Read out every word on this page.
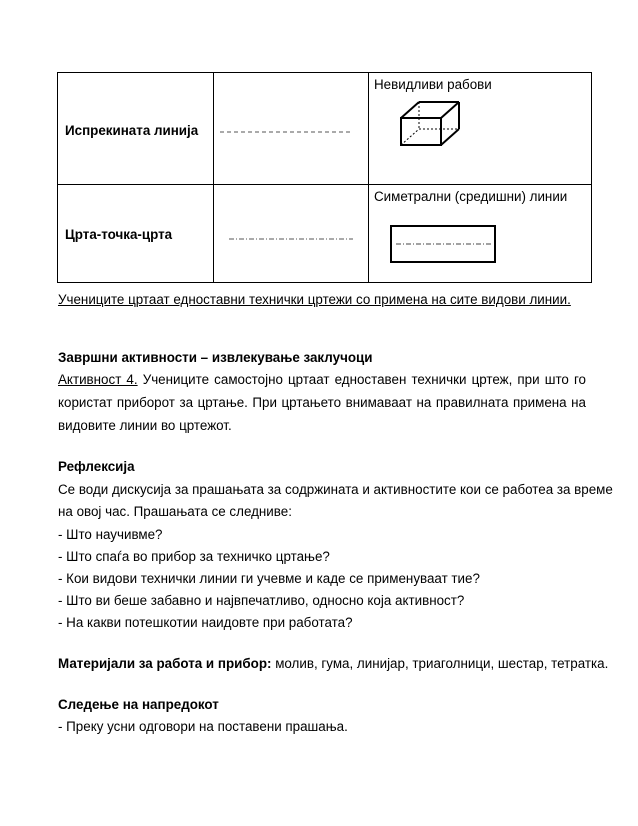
Испрекината линија		Невидливи рабови

Црта-точка-црта		Симетрални (средишни) линии
Учениците цртаат едноставни технички цртежи со примена на сите видови линии.
Завршни активности – извлекување заклучоци
Активност 4. Учениците самостојно цртаат едноставен технички цртеж, при што го
користат приборот за цртање. При цртањето внимаваат на правилната примена на
видовите линии во цртежот.
Рефлексија
Се води дискусија за прашањата за содржината и активностите кои се работеа за време
на овој час. Прашањата се следниве:
- Што научивме?
- Што спаѓа во прибор за техничко цртање?
- Кои видови технички линии ги учевме и каде се применуваат тие?
- Што ви беше забавно и највпечатливо, односно која активност?
- На какви потешкотии наидовте при работата?
Материјали за работа и прибор: молив, гума, линијар, триаголници, шестар, тетратка.
Следење на напредокот
- Преку усни одговори на поставени прашања.
